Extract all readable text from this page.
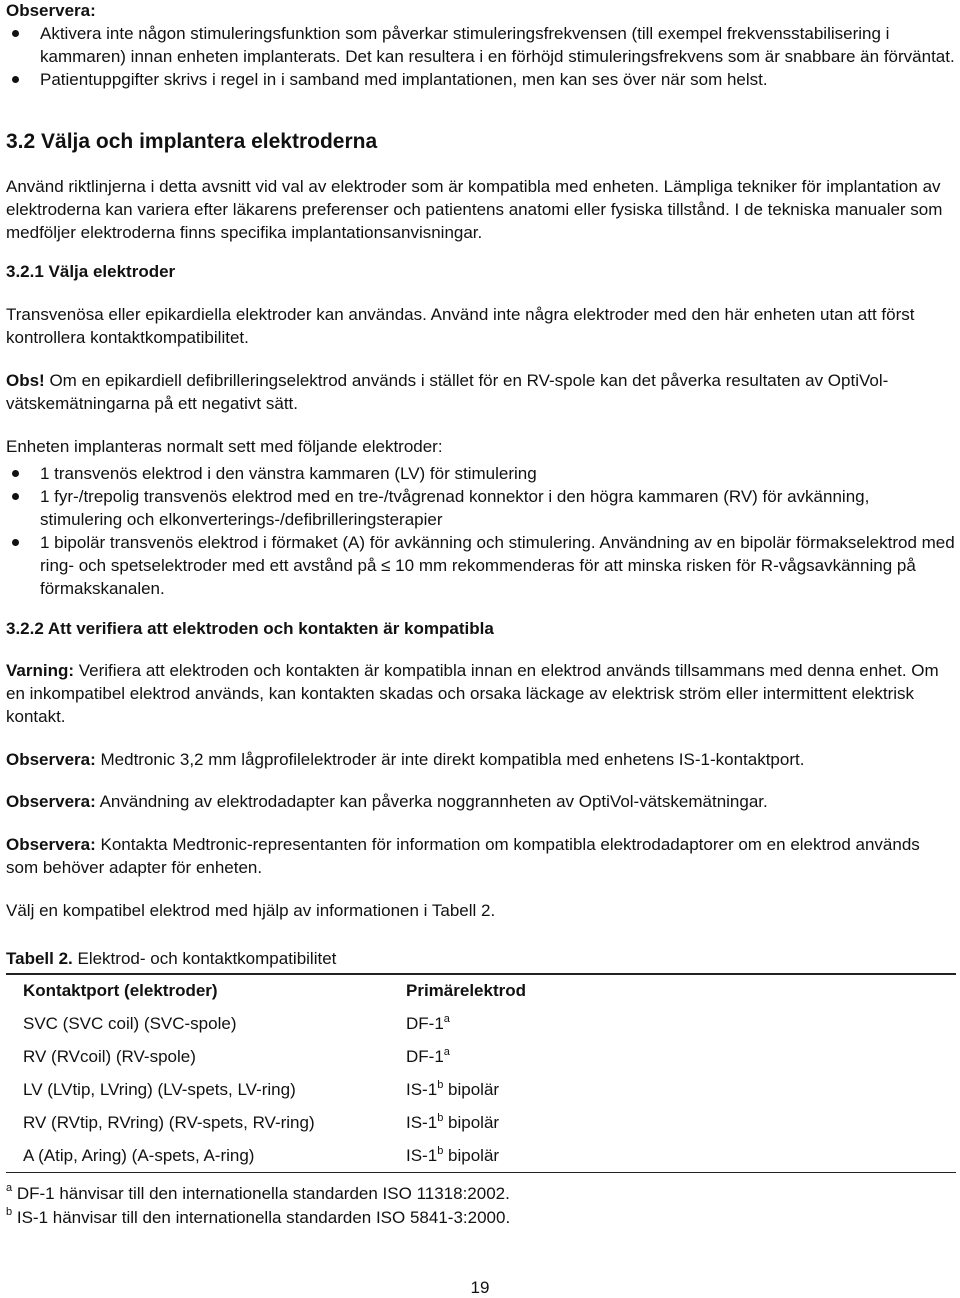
Observera:
Aktivera inte någon stimuleringsfunktion som påverkar stimuleringsfrekvensen (till exempel frekvensstabilisering i kammaren) innan enheten implanterats. Det kan resultera i en förhöjd stimuleringsfrekvens som är snabbare än förväntat.
Patientuppgifter skrivs i regel in i samband med implantationen, men kan ses över när som helst.
3.2 Välja och implantera elektroderna

Använd riktlinjerna i detta avsnitt vid val av elektroder som är kompatibla med enheten. Lämpliga tekniker för implantation av elektroderna kan variera efter läkarens preferenser och patientens anatomi eller fysiska tillstånd. I de tekniska manualer som medföljer elektroderna finns specifika implantationsanvisningar.

3.2.1 Välja elektroder

Transvenösa eller epikardiella elektroder kan användas. Använd inte några elektroder med den här enheten utan att först kontrollera kontaktkompatibilitet.

Obs! Om en epikardiell defibrilleringselektrod används i stället för en RV-spole kan det påverka resultaten av OptiVol-vätskemätningarna på ett negativt sätt.

Enheten implanteras normalt sett med följande elektroder:

1 transvenös elektrod i den vänstra kammaren (LV) för stimulering
1 fyr-/trepolig transvenös elektrod med en tre-/tvågrenad konnektor i den högra kammaren (RV) för avkänning, stimulering och elkonverterings-/defibrilleringsterapier
1 bipolär transvenös elektrod i förmaket (A) för avkänning och stimulering. Användning av en bipolär förmakselektrod med ring- och spetselektroder med ett avstånd på ≤ 10 mm rekommenderas för att minska risken för R-vågsavkänning på förmakskanalen.
3.2.2 Att verifiera att elektroden och kontakten är kompatibla

Varning: Verifiera att elektroden och kontakten är kompatibla innan en elektrod används tillsammans med denna enhet. Om en inkompatibel elektrod används, kan kontakten skadas och orsaka läckage av elektrisk ström eller intermittent elektrisk kontakt.

Observera: Medtronic 3,2 mm lågprofilelektroder är inte direkt kompatibla med enhetens IS-1-kontaktport.

Observera: Användning av elektrodadapter kan påverka noggrannheten av OptiVol-vätskemätningar.

Observera: Kontakta Medtronic-representanten för information om kompatibla elektrodadaptorer om en elektrod används som behöver adapter för enheten.

Välj en kompatibel elektrod med hjälp av informationen i Tabell 2.

Tabell 2. Elektrod- och kontaktkompatibilitet

Kontaktport (elektroder)	Primärelektrod
SVC (SVC coil) (SVC-spole)	DF-1$^a$
RV (RVcoil) (RV-spole)	DF-1$^a$
LV (LVtip, LVring) (LV-spets, LV-ring)	IS-1$^b$ bipolär
RV (RVtip, RVring) (RV-spets, RV-ring)	IS-1$^b$ bipolär
A (Atip, Aring) (A-spets, A-ring)	IS-1$^b$ bipolär
$^a$ DF-1 hänvisar till den internationella standarden ISO 11318:2002.
$^b$ IS-1 hänvisar till den internationella standarden ISO 5841-3:2000.
19
